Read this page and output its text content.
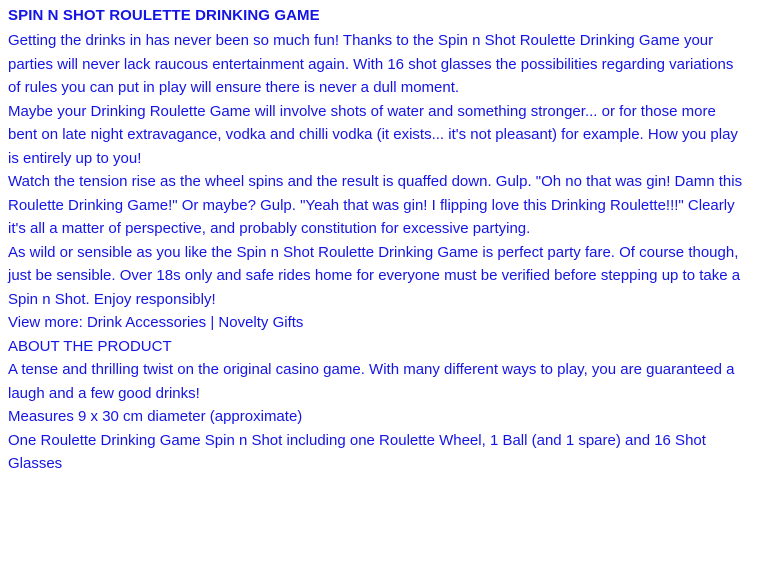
SPIN N SHOT ROULETTE DRINKING GAME

Getting the drinks in has never been so much fun! Thanks to the Spin n Shot Roulette Drinking Game your parties will never lack raucous entertainment again. With 16 shot glasses the possibilities regarding variations of rules you can put in play will ensure there is never a dull moment.

Maybe your Drinking Roulette Game will involve shots of water and something stronger... or for those more bent on late night extravagance, vodka and chilli vodka (it exists... it's not pleasant) for example. How you play is entirely up to you!

Watch the tension rise as the wheel spins and the result is quaffed down. Gulp. "Oh no that was gin! Damn this Roulette Drinking Game!" Or maybe? Gulp. "Yeah that was gin! I flipping love this Drinking Roulette!!!" Clearly it's all a matter of perspective, and probably constitution for excessive partying.

As wild or sensible as you like the Spin n Shot Roulette Drinking Game is perfect party fare. Of course though, just be sensible. Over 18s only and safe rides home for everyone must be verified before stepping up to take a Spin n Shot. Enjoy responsibly!

View more: Drink Accessories | Novelty Gifts

ABOUT THE PRODUCT

A tense and thrilling twist on the original casino game. With many different ways to play, you are guaranteed a laugh and a few good drinks!

Measures 9 x 30 cm diameter (approximate)

One Roulette Drinking Game Spin n Shot including one Roulette Wheel, 1 Ball (and 1 spare) and 16 Shot Glasses
